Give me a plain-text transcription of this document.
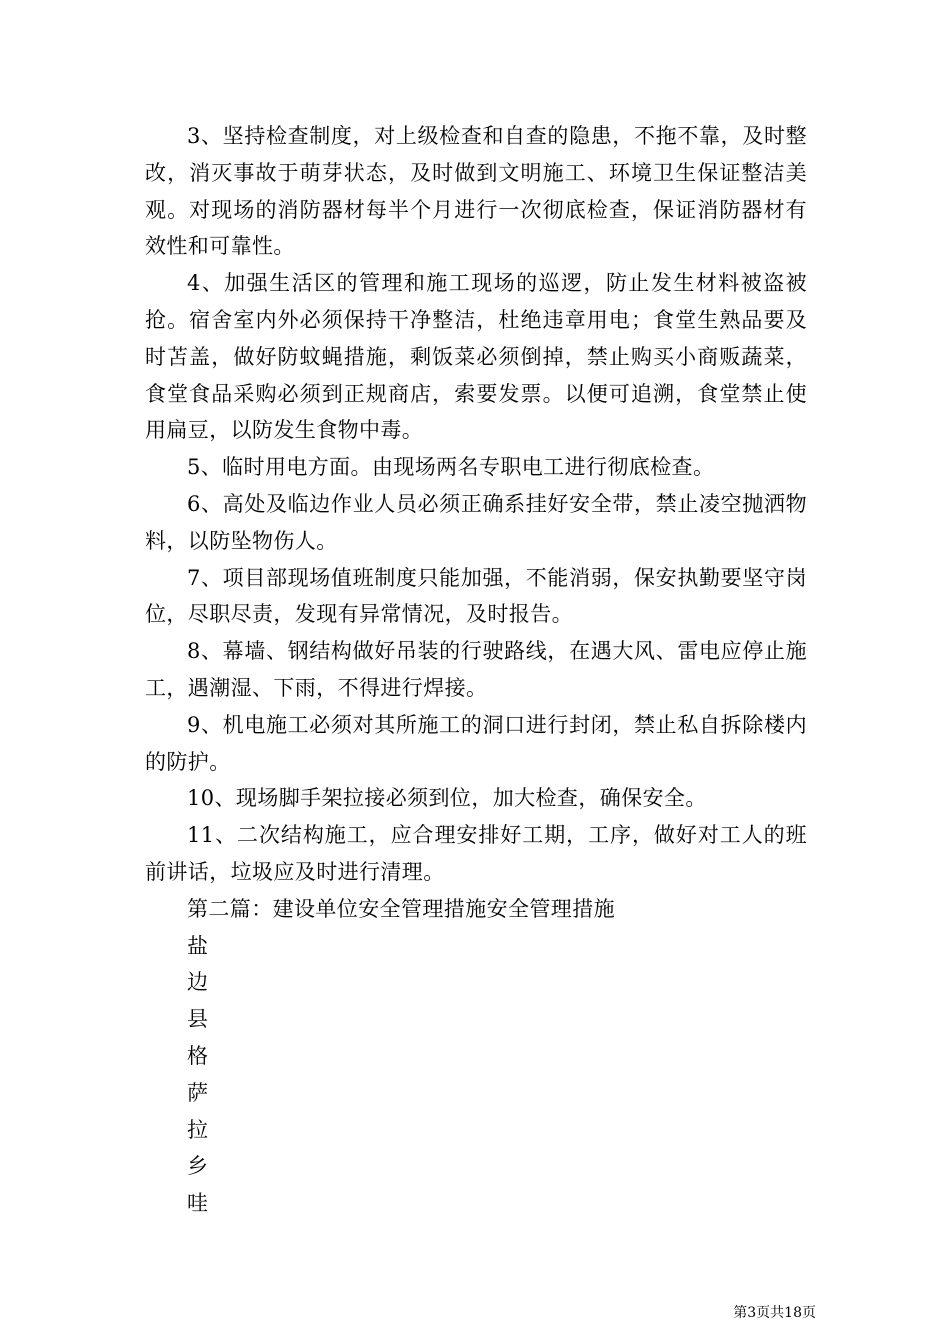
3、坚持检查制度，对上级检查和自查的隐患，不拖不靠，及时整改，消灭事故于萌芽状态，及时做到文明施工、环境卫生保证整洁美观。对现场的消防器材每半个月进行一次彻底检查，保证消防器材有效性和可靠性。

4、加强生活区的管理和施工现场的巡逻，防止发生材料被盗被抢。宿舍室内外必须保持干净整洁，杜绝违章用电；食堂生熟品要及时苫盖，做好防蚊蝇措施，剩饭菜必须倒掉，禁止购买小商贩蔬菜，食堂食品采购必须到正规商店，索要发票。以便可追溯，食堂禁止使用扁豆，以防发生食物中毒。

5、临时用电方面。由现场两名专职电工进行彻底检查。

6、高处及临边作业人员必须正确系挂好安全带，禁止凌空抛洒物料，以防坠物伤人。

7、项目部现场值班制度只能加强，不能消弱，保安执勤要坚守岗位，尽职尽责，发现有异常情况，及时报告。

8、幕墙、钢结构做好吊装的行驶路线，在遇大风、雷电应停止施工，遇潮湿、下雨，不得进行焊接。

9、机电施工必须对其所施工的洞口进行封闭，禁止私自拆除楼内的防护。

10、现场脚手架拉接必须到位，加大检查，确保安全。

11、二次结构施工，应合理安排好工期，工序，做好对工人的班前讲话，垃圾应及时进行清理。

第二篇：建设单位安全管理措施安全管理措施

盐

边

县

格

萨

拉

乡

哇

第3页共18页
